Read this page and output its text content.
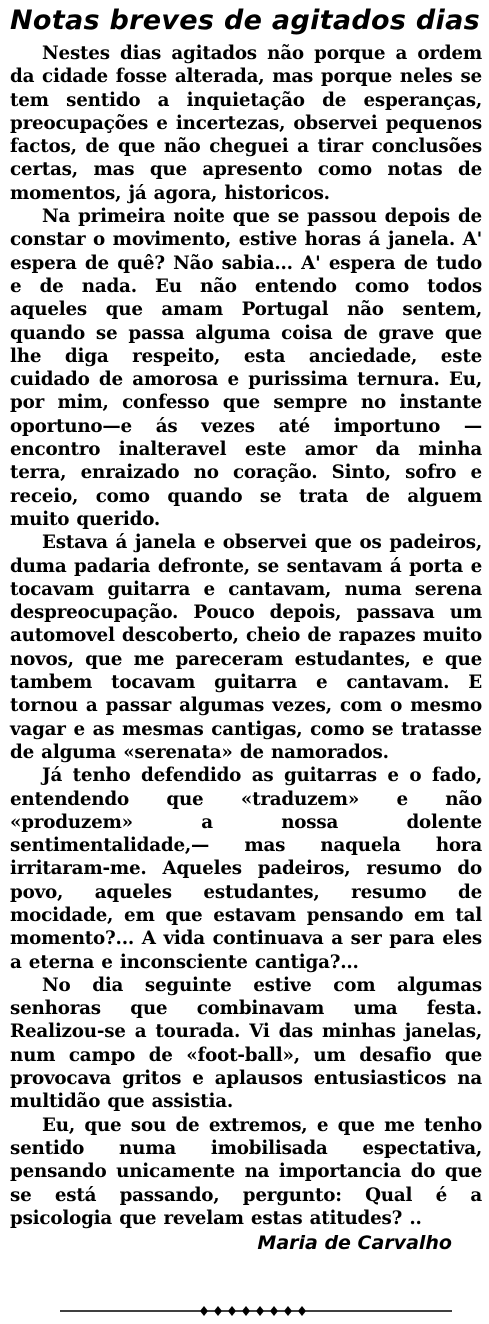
Notas breves de agitados dias

Nestes dias agitados não porque a ordem da cidade fosse alterada, mas porque neles se tem sentido a inquietação de esperanças, preocupações e incertezas, observei pequenos factos, de que não cheguei a tirar conclusões certas, mas que apresento como notas de momentos, já agora, historicos.

Na primeira noite que se passou depois de constar o movimento, estive horas á janela. A' espera de quê? Não sabia... A' espera de tudo e de nada. Eu não entendo como todos aqueles que amam Portugal não sentem, quando se passa alguma coisa de grave que lhe diga respeito, esta anciedade, este cuidado de amorosa e purissima ternura. Eu, por mim, confesso que sempre no instante oportuno—e ás vezes até importuno — encontro inalteravel este amor da minha terra, enraizado no coração. Sinto, sofro e receio, como quando se trata de alguem muito querido.

Estava á janela e observei que os padeiros, duma padaria defronte, se sentavam á porta e tocavam guitarra e cantavam, numa serena despreocupação. Pouco depois, passava um automovel descoberto, cheio de rapazes muito novos, que me pareceram estudantes, e que tambem tocavam guitarra e cantavam. E tornou a passar algumas vezes, com o mesmo vagar e as mesmas cantigas, como se tratasse de alguma «serenata» de namorados.

Já tenho defendido as guitarras e o fado, entendendo que «traduzem» e não «produzem» a nossa dolente sentimentalidade,— mas naquela hora irritaram-me. Aqueles padeiros, resumo do povo, aqueles estudantes, resumo de mocidade, em que estavam pensando em tal momento?... A vida continuava a ser para eles a eterna e inconsciente cantiga?...

No dia seguinte estive com algumas senhoras que combinavam uma festa. Realizou-se a tourada. Vi das minhas janelas, num campo de «foot-ball», um desafio que provocava gritos e aplausos entusiasticos na multidão que assistia.

Eu, que sou de extremos, e que me tenho sentido numa imobilisada espectativa, pensando unicamente na importancia do que se está passando, pergunto: Qual é a psicologia que revelam estas atitudes? ..

Maria de Carvalho
